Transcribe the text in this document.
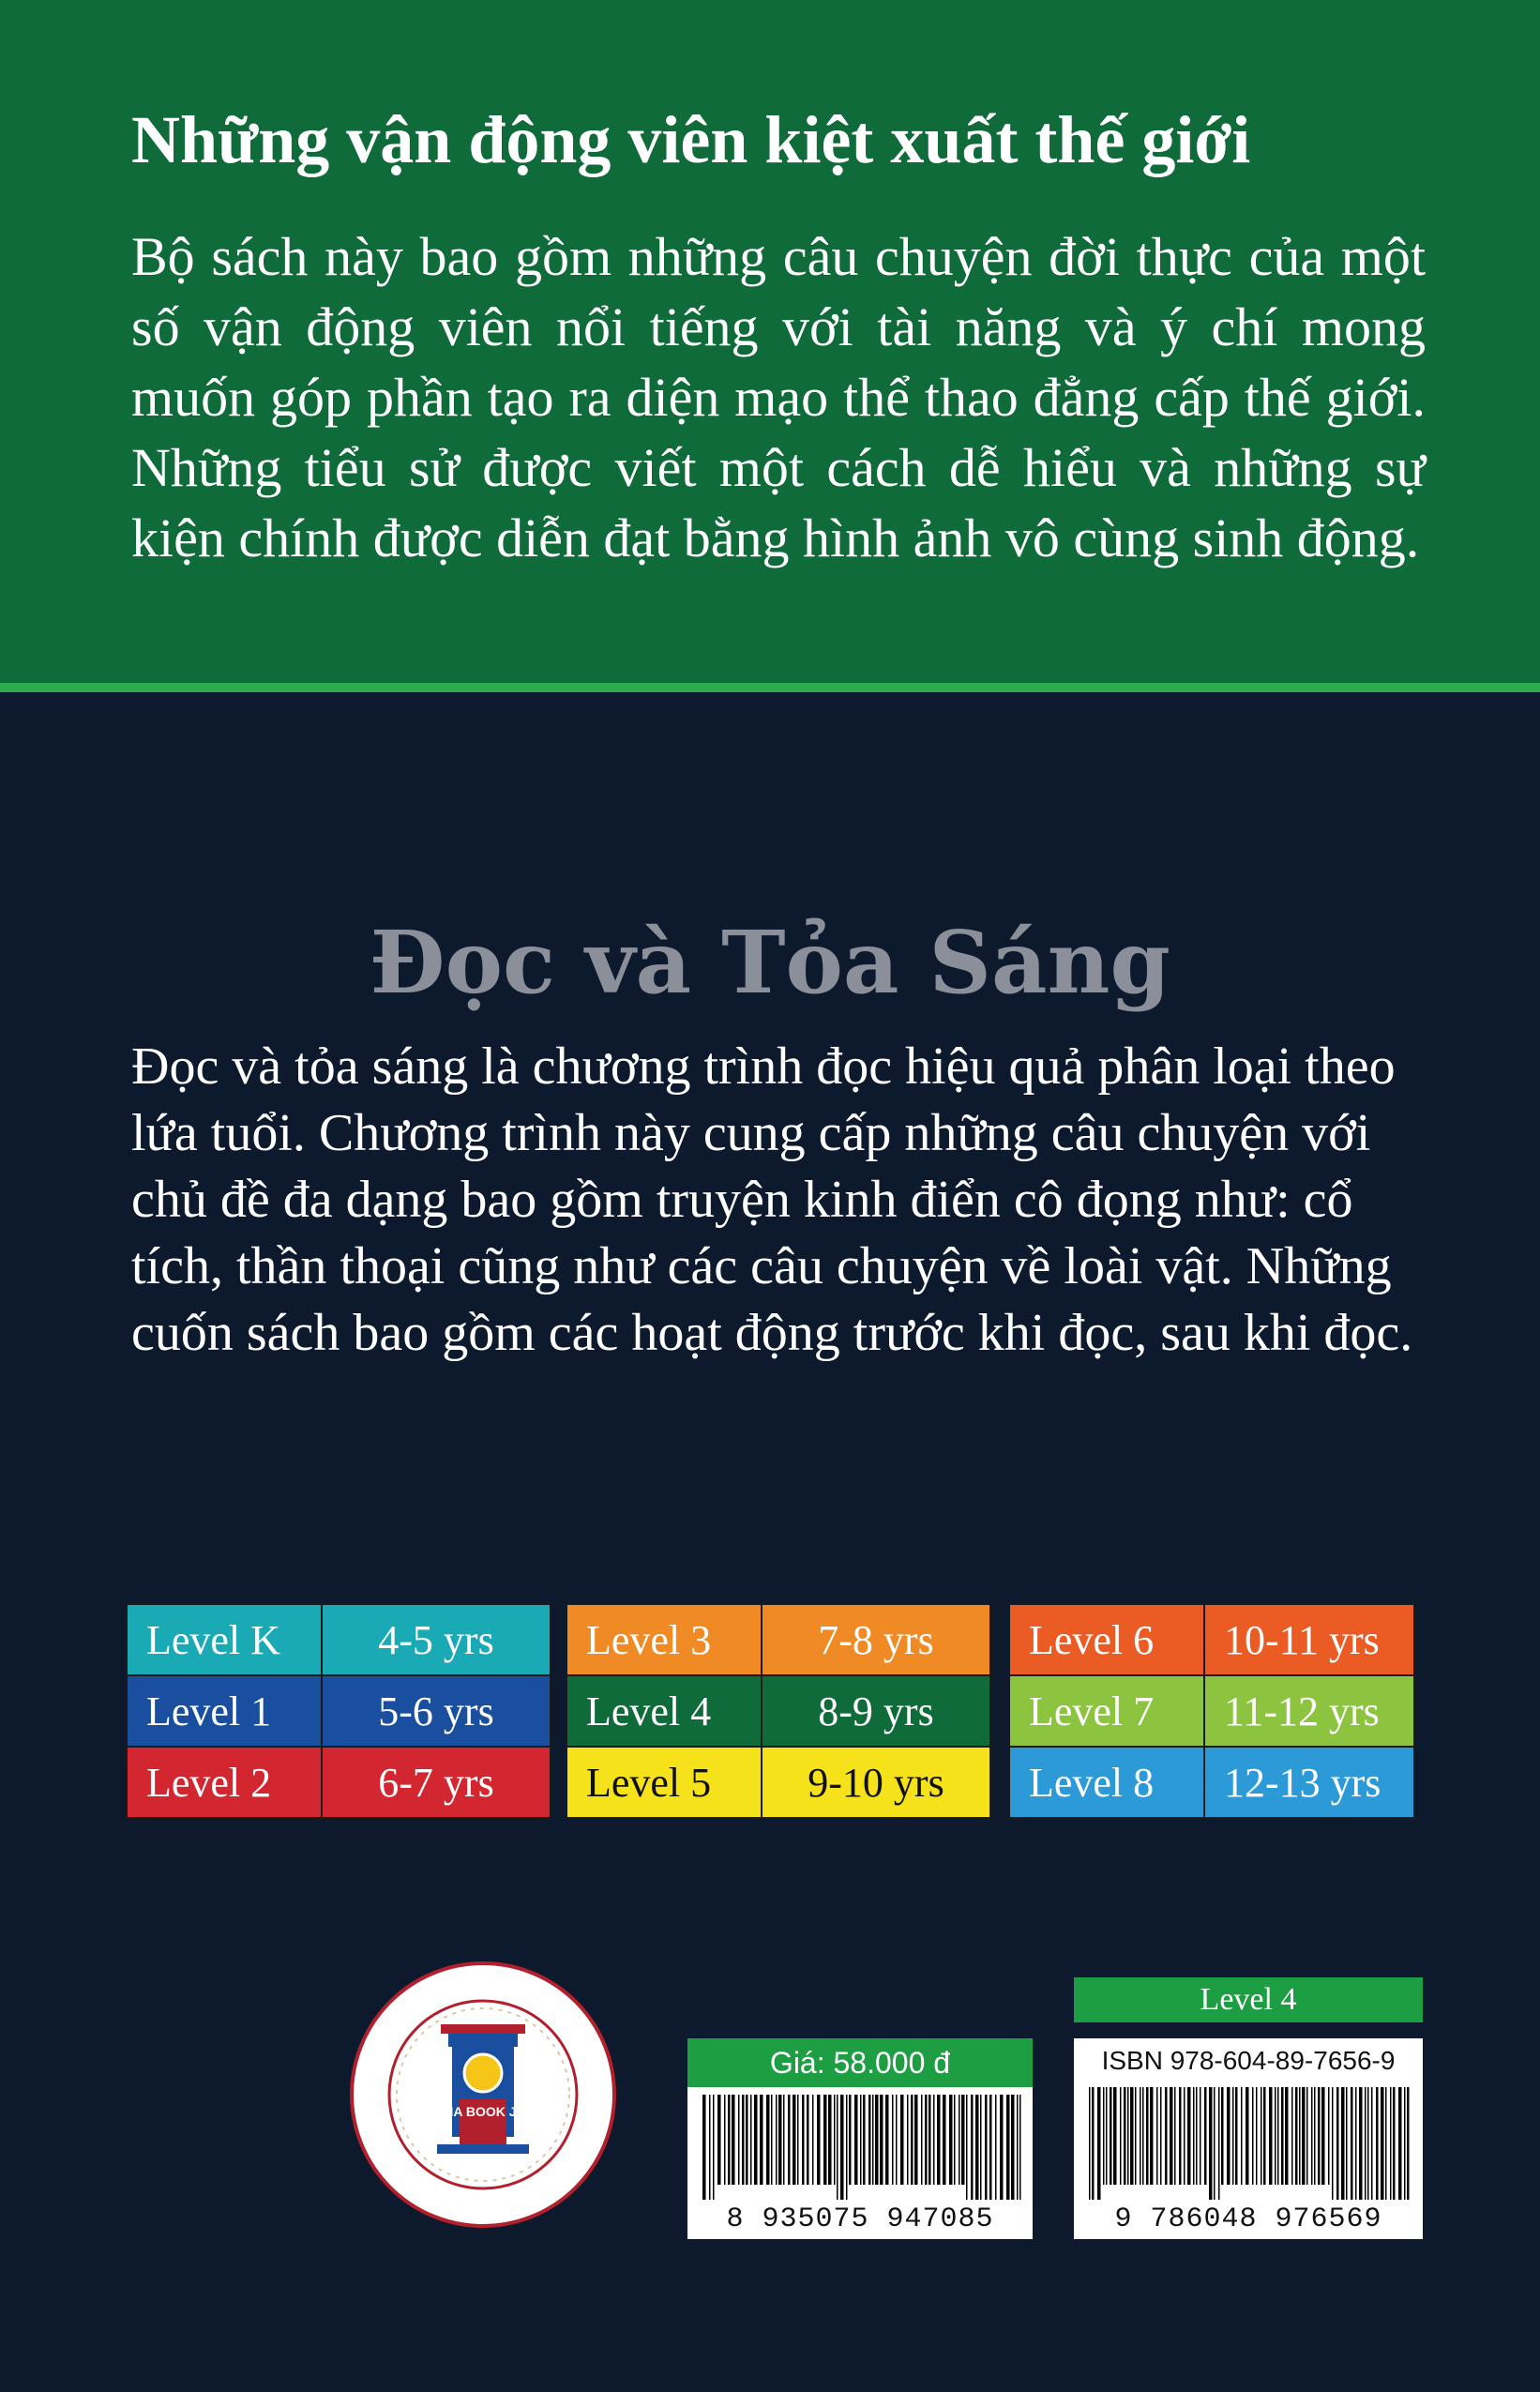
Những vận động viên kiệt xuất thế giới
Bộ sách này bao gồm những câu chuyện đời thực của một số vận động viên nổi tiếng với tài năng và ý chí mong muốn góp phần tạo ra diện mạo thể thao đẳng cấp thế giới. Những tiểu sử được viết một cách dễ hiểu và những sự kiện chính được diễn đạt bằng hình ảnh vô cùng sinh động.
Đọc và Tỏa Sáng
Đọc và tỏa sáng là chương trình đọc hiệu quả phân loại theo lứa tuổi. Chương trình này cung cấp những câu chuyện với chủ đề đa dạng bao gồm truyện kinh điển cô đọng như: cổ tích, thần thoại cũng như các câu chuyện về loài vật. Những cuốn sách bao gồm các hoạt động trước khi đọc, sau khi đọc.
Level K	4-5 yrs
Level 1	5-6 yrs
Level 2	6-7 yrs
Level 3	7-8 yrs
Level 4	8-9 yrs
Level 5	9-10 yrs
Level 6	10-11 yrs
Level 7	11-12 yrs
Level 8	12-13 yrs
VINA BOOK JSC
Level 4
Giá: 58.000 đ
8 935075 947085
ISBN 978-604-89-7656-9
9 786048 976569
